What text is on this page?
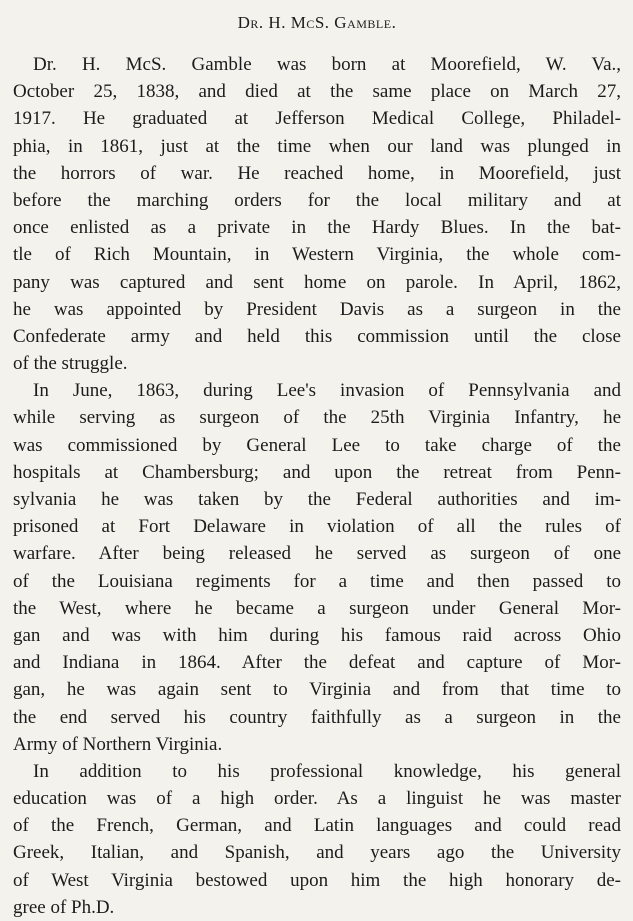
Dr. H. McS. Gamble.
Dr. H. McS. Gamble was born at Moorefield, W. Va.,
October 25, 1838, and died at the same place on March 27,
1917. He graduated at Jefferson Medical College, Philadel-
phia, in 1861, just at the time when our land was plunged in
the horrors of war. He reached home, in Moorefield, just
before the marching orders for the local military and at
once enlisted as a private in the Hardy Blues. In the bat-
tle of Rich Mountain, in Western Virginia, the whole com-
pany was captured and sent home on parole. In April, 1862,
he was appointed by President Davis as a surgeon in the
Confederate army and held this commission until the close
of the struggle.
In June, 1863, during Lee's invasion of Pennsylvania and
while serving as surgeon of the 25th Virginia Infantry, he
was commissioned by General Lee to take charge of the
hospitals at Chambersburg; and upon the retreat from Penn-
sylvania he was taken by the Federal authorities and im-
prisoned at Fort Delaware in violation of all the rules of
warfare. After being released he served as surgeon of one
of the Louisiana regiments for a time and then passed to
the West, where he became a surgeon under General Mor-
gan and was with him during his famous raid across Ohio
and Indiana in 1864. After the defeat and capture of Mor-
gan, he was again sent to Virginia and from that time to
the end served his country faithfully as a surgeon in the
Army of Northern Virginia.
In addition to his professional knowledge, his general
education was of a high order. As a linguist he was master
of the French, German, and Latin languages and could read
Greek, Italian, and Spanish, and years ago the University
of West Virginia bestowed upon him the high honorary de-
gree of Ph.D.
